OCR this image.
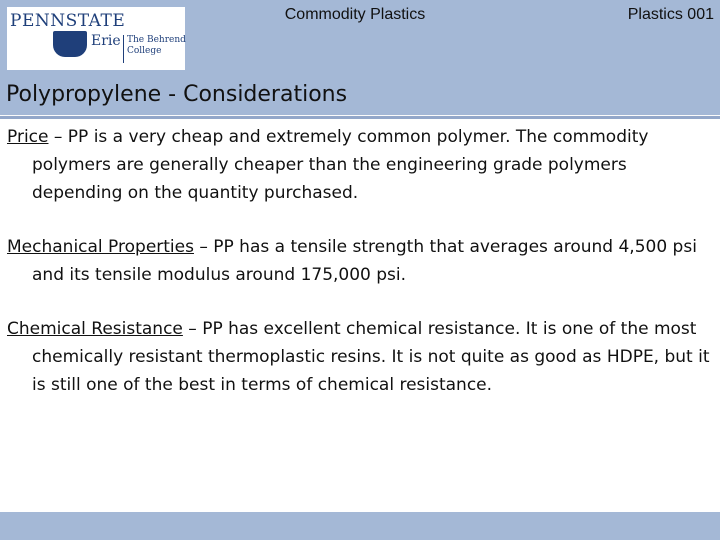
PENNSTATE
1855
Erie The Behrend
College
Commodity Plastics	Plastics 001
Polypropylene - Considerations

Price – PP is a very cheap and extremely common polymer. The commodity polymers are generally cheaper than the engineering grade polymers depending on the quantity purchased.

Mechanical Properties – PP has a tensile strength that averages around 4,500 psi and its tensile modulus around 175,000 psi.

Chemical Resistance – PP has excellent chemical resistance. It is one of the most chemically resistant thermoplastic resins. It is not quite as good as HDPE, but it is still one of the best in terms of chemical resistance.
